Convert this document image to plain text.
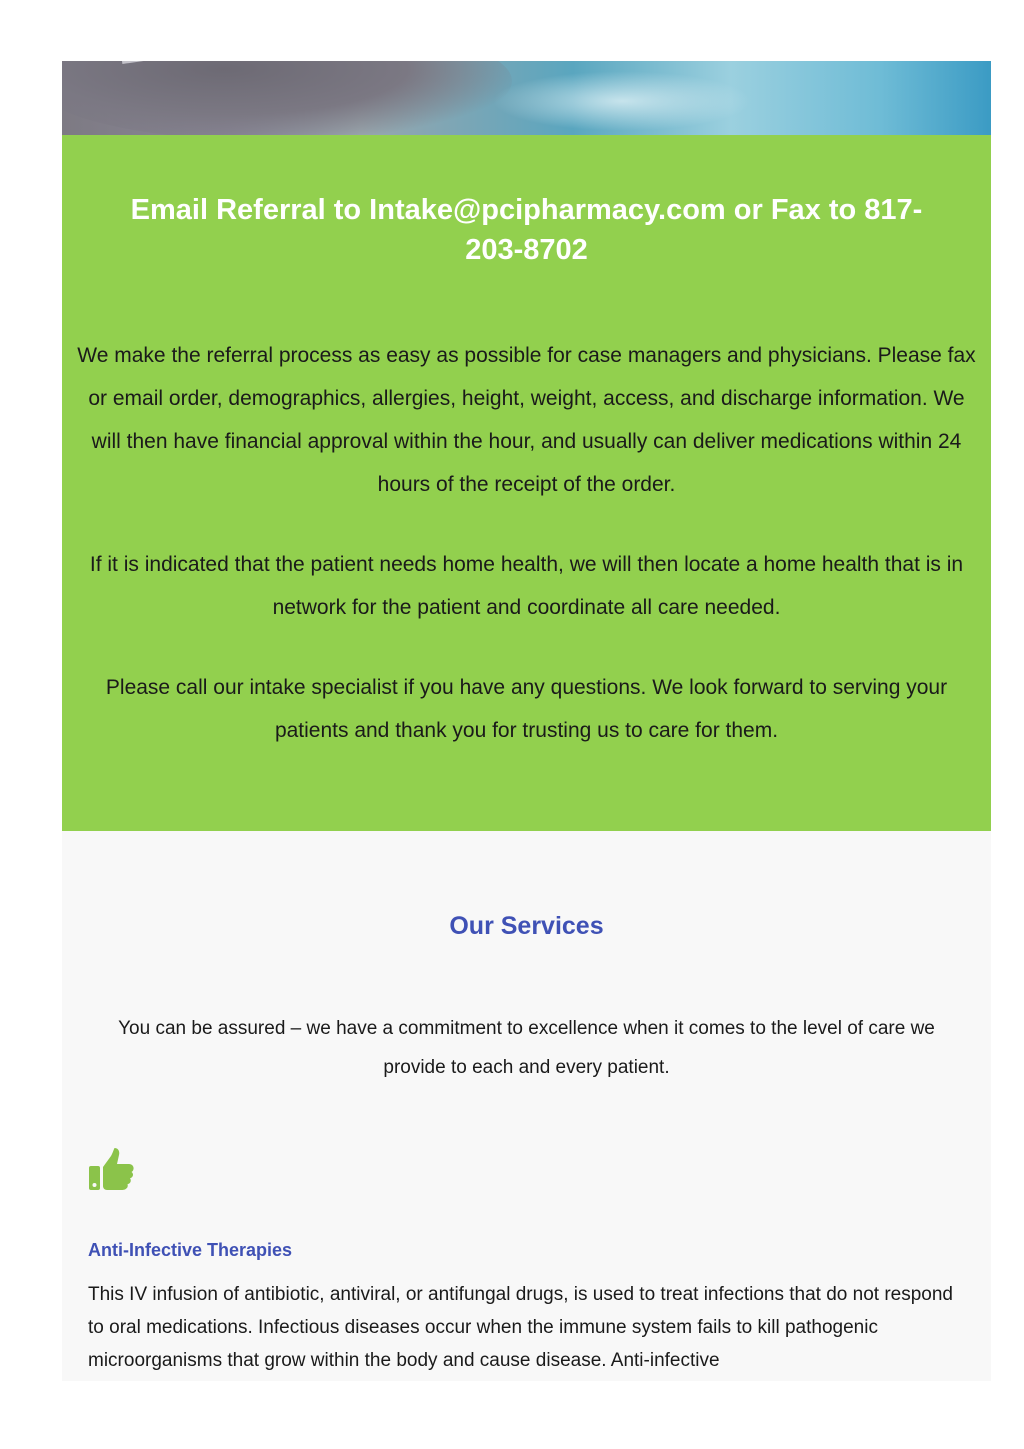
Email Referral to Intake@pcipharmacy.com or Fax to 817-203-8702

We make the referral process as easy as possible for case managers and physicians. Please fax or email order, demographics, allergies, height, weight, access, and discharge information. We will then have financial approval within the hour, and usually can deliver medications within 24 hours of the receipt of the order.

If it is indicated that the patient needs home health, we will then locate a home health that is in network for the patient and coordinate all care needed.

Please call our intake specialist if you have any questions. We look forward to serving your patients and thank you for trusting us to care for them.

Our Services

You can be assured – we have a commitment to excellence when it comes to the level of care we provide to each and every patient.

Anti-Infective Therapies

This IV infusion of antibiotic, antiviral, or antifungal drugs, is used to treat infections that do not respond to oral medications. Infectious diseases occur when the immune system fails to kill pathogenic microorganisms that grow within the body and cause disease. Anti-infective
